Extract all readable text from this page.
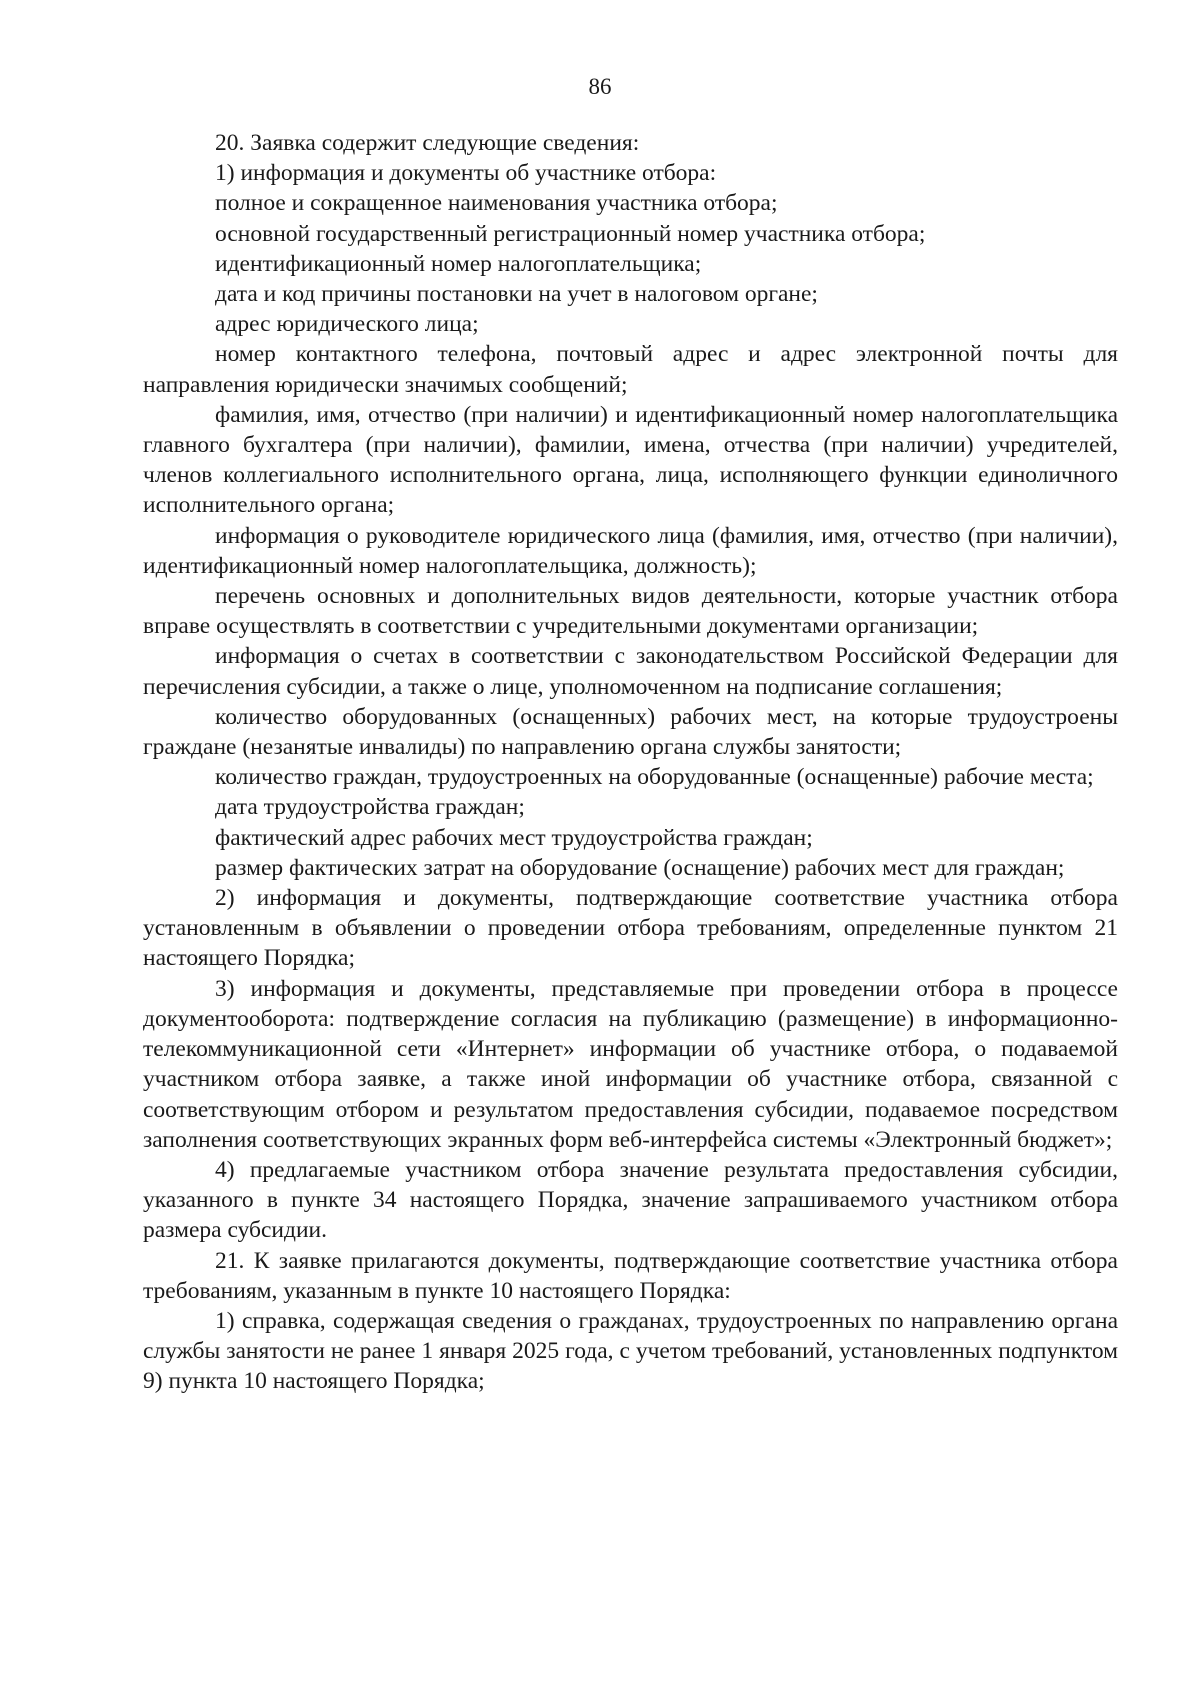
86

20. Заявка содержит следующие сведения:

1) информация и документы об участнике отбора:

полное и сокращенное наименования участника отбора;

основной государственный регистрационный номер участника отбора;

идентификационный номер налогоплательщика;

дата и код причины постановки на учет в налоговом органе;

адрес юридического лица;

номер контактного телефона, почтовый адрес и адрес электронной почты для направления юридически значимых сообщений;

фамилия, имя, отчество (при наличии) и идентификационный номер налогоплательщика главного бухгалтера (при наличии), фамилии, имена, отчества (при наличии) учредителей, членов коллегиального исполнительного органа, лица, исполняющего функции единоличного исполнительного органа;

информация о руководителе юридического лица (фамилия, имя, отчество (при наличии), идентификационный номер налогоплательщика, должность);

перечень основных и дополнительных видов деятельности, которые участник отбора вправе осуществлять в соответствии с учредительными документами организации;

информация о счетах в соответствии с законодательством Российской Федерации для перечисления субсидии, а также о лице, уполномоченном на подписание соглашения;

количество оборудованных (оснащенных) рабочих мест, на которые трудоустроены граждане (незанятые инвалиды) по направлению органа службы занятости;

количество граждан, трудоустроенных на оборудованные (оснащенные) рабочие места;

дата трудоустройства граждан;

фактический адрес рабочих мест трудоустройства граждан;

размер фактических затрат на оборудование (оснащение) рабочих мест для граждан;

2) информация и документы, подтверждающие соответствие участника отбора установленным в объявлении о проведении отбора требованиям, определенные пунктом 21 настоящего Порядка;

3) информация и документы, представляемые при проведении отбора в процессе документооборота: подтверждение согласия на публикацию (размещение) в информационно-телекоммуникационной сети «Интернет» информации об участнике отбора, о подаваемой участником отбора заявке, а также иной информации об участнике отбора, связанной с соответствующим отбором и результатом предоставления субсидии, подаваемое посредством заполнения соответствующих экранных форм веб-интерфейса системы «Электронный бюджет»;

4) предлагаемые участником отбора значение результата предоставления субсидии, указанного в пункте 34 настоящего Порядка, значение запрашиваемого участником отбора размера субсидии.

21. К заявке прилагаются документы, подтверждающие соответствие участника отбора требованиям, указанным в пункте 10 настоящего Порядка:

1) справка, содержащая сведения о гражданах, трудоустроенных по направлению органа службы занятости не ранее 1 января 2025 года, с учетом требований, установленных подпунктом 9) пункта 10 настоящего Порядка;
